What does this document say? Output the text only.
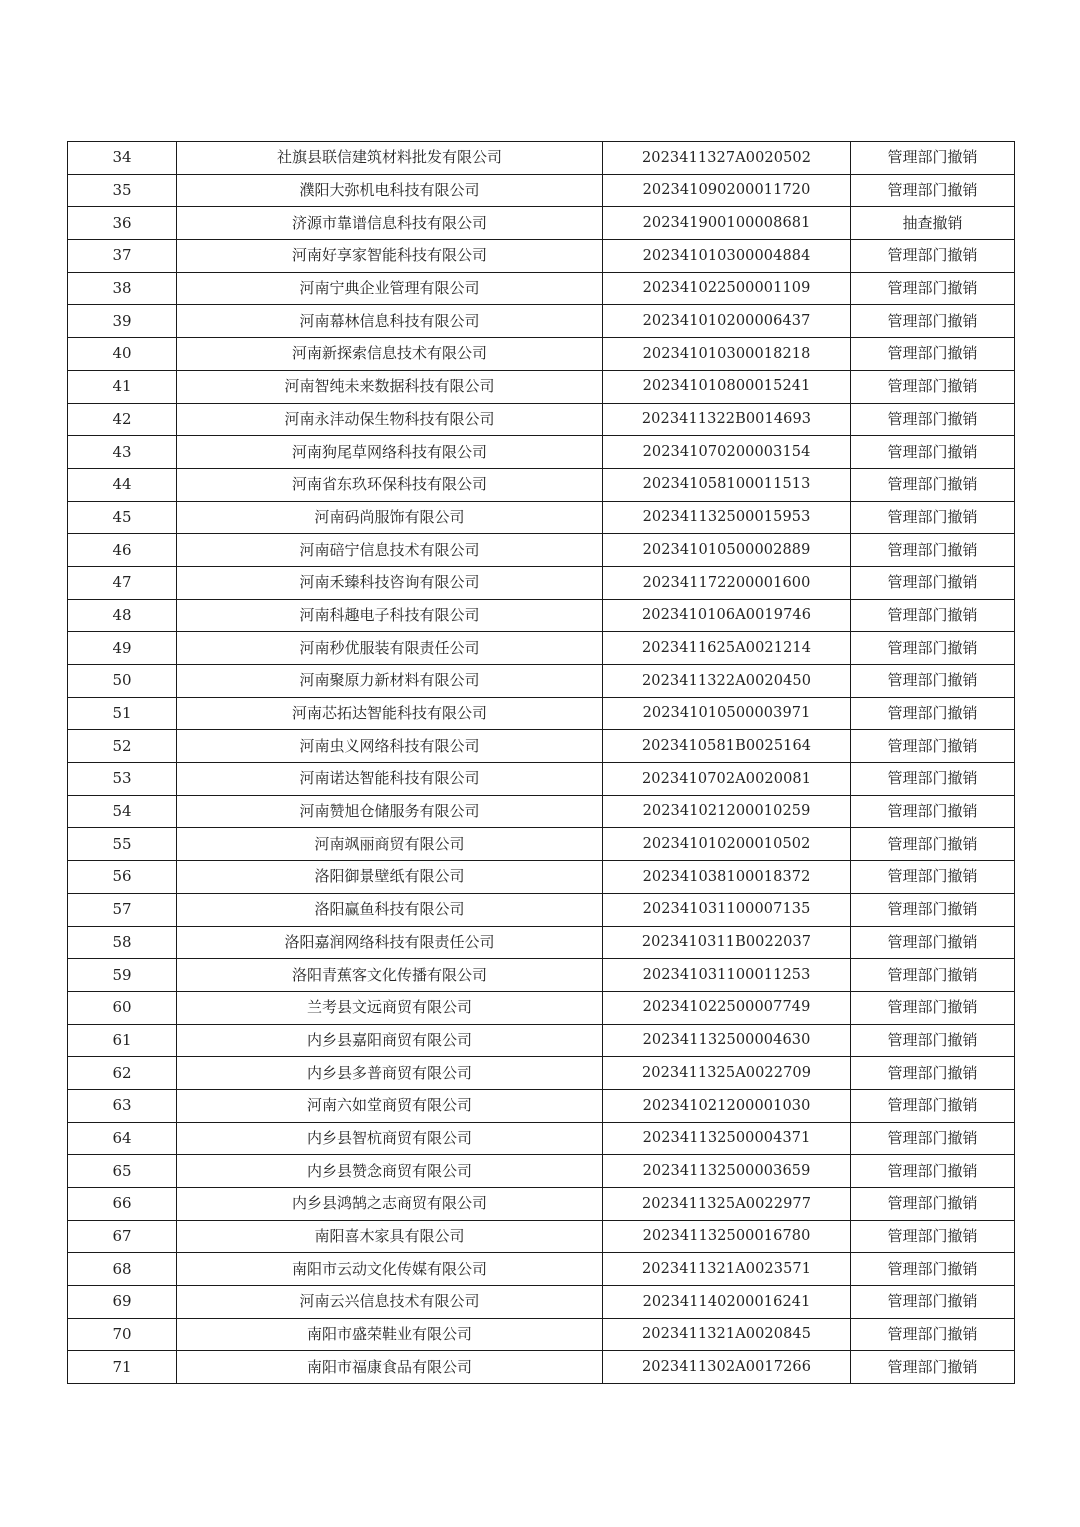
34	社旗县联信建筑材料批发有限公司	2023411327A0020502	管理部门撤销
35	濮阳大弥机电科技有限公司	202341090200011720	管理部门撤销
36	济源市靠谱信息科技有限公司	202341900100008681	抽查撤销
37	河南好享家智能科技有限公司	202341010300004884	管理部门撤销
38	河南宁典企业管理有限公司	202341022500001109	管理部门撤销
39	河南幕林信息科技有限公司	202341010200006437	管理部门撤销
40	河南新探索信息技术有限公司	202341010300018218	管理部门撤销
41	河南智纯未来数据科技有限公司	202341010800015241	管理部门撤销
42	河南永沣动保生物科技有限公司	2023411322B0014693	管理部门撤销
43	河南狗尾草网络科技有限公司	202341070200003154	管理部门撤销
44	河南省东玖环保科技有限公司	202341058100011513	管理部门撤销
45	河南码尚服饰有限公司	202341132500015953	管理部门撤销
46	河南碚宁信息技术有限公司	202341010500002889	管理部门撤销
47	河南禾臻科技咨询有限公司	202341172200001600	管理部门撤销
48	河南科趣电子科技有限公司	2023410106A0019746	管理部门撤销
49	河南秒优服装有限责任公司	2023411625A0021214	管理部门撤销
50	河南聚原力新材料有限公司	2023411322A0020450	管理部门撤销
51	河南芯拓达智能科技有限公司	202341010500003971	管理部门撤销
52	河南虫义网络科技有限公司	2023410581B0025164	管理部门撤销
53	河南诺达智能科技有限公司	2023410702A0020081	管理部门撤销
54	河南赞旭仓储服务有限公司	202341021200010259	管理部门撤销
55	河南飒丽商贸有限公司	202341010200010502	管理部门撤销
56	洛阳御景壁纸有限公司	202341038100018372	管理部门撤销
57	洛阳赢鱼科技有限公司	202341031100007135	管理部门撤销
58	洛阳嘉润网络科技有限责任公司	2023410311B0022037	管理部门撤销
59	洛阳青蕉客文化传播有限公司	202341031100011253	管理部门撤销
60	兰考县文远商贸有限公司	202341022500007749	管理部门撤销
61	内乡县嘉阳商贸有限公司	202341132500004630	管理部门撤销
62	内乡县多普商贸有限公司	2023411325A0022709	管理部门撤销
63	河南六如堂商贸有限公司	202341021200001030	管理部门撤销
64	内乡县智杭商贸有限公司	202341132500004371	管理部门撤销
65	内乡县赞念商贸有限公司	202341132500003659	管理部门撤销
66	内乡县鸿鹄之志商贸有限公司	2023411325A0022977	管理部门撤销
67	南阳喜木家具有限公司	202341132500016780	管理部门撤销
68	南阳市云动文化传媒有限公司	2023411321A0023571	管理部门撤销
69	河南云兴信息技术有限公司	202341140200016241	管理部门撤销
70	南阳市盛荣鞋业有限公司	2023411321A0020845	管理部门撤销
71	南阳市福康食品有限公司	2023411302A0017266	管理部门撤销
